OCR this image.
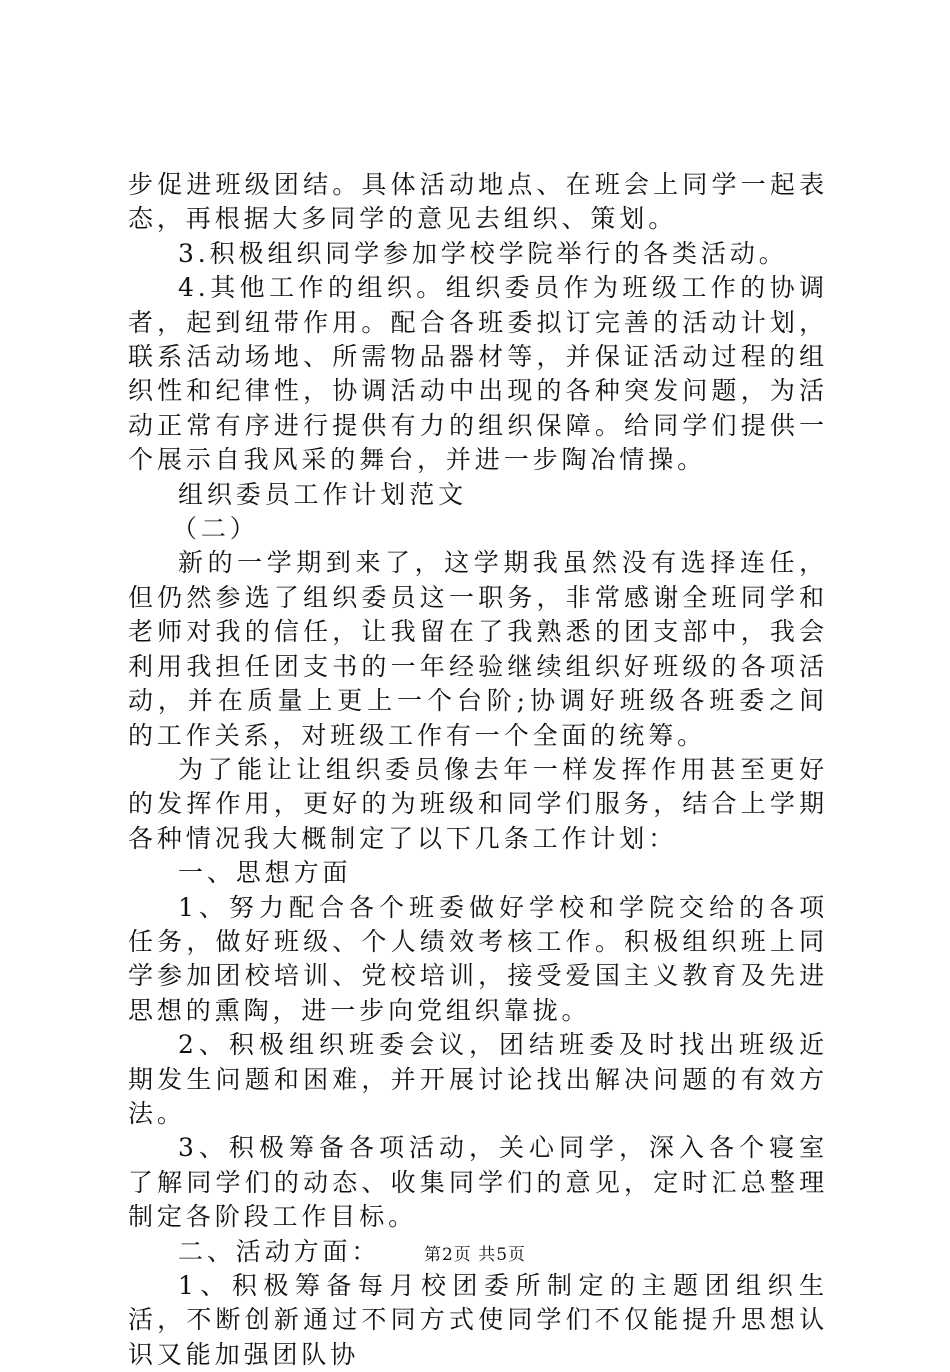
步促进班级团结。具体活动地点、在班会上同学一起表态，再根据大多同学的意见去组织、策划。

3.积极组织同学参加学校学院举行的各类活动。

4.其他工作的组织。组织委员作为班级工作的协调者，起到纽带作用。配合各班委拟订完善的活动计划，联系活动场地、所需物品器材等，并保证活动过程的组织性和纪律性，协调活动中出现的各种突发问题，为活动正常有序进行提供有力的组织保障。给同学们提供一个展示自我风采的舞台，并进一步陶冶情操。

组织委员工作计划范文

（二）

新的一学期到来了，这学期我虽然没有选择连任，但仍然参选了组织委员这一职务，非常感谢全班同学和老师对我的信任，让我留在了我熟悉的团支部中，我会利用我担任团支书的一年经验继续组织好班级的各项活动，并在质量上更上一个台阶;协调好班级各班委之间的工作关系，对班级工作有一个全面的统筹。

为了能让让组织委员像去年一样发挥作用甚至更好的发挥作用，更好的为班级和同学们服务，结合上学期各种情况我大概制定了以下几条工作计划：

一、思想方面

1、努力配合各个班委做好学校和学院交给的各项任务，做好班级、个人绩效考核工作。积极组织班上同学参加团校培训、党校培训，接受爱国主义教育及先进思想的熏陶，进一步向党组织靠拢。

2、积极组织班委会议，团结班委及时找出班级近期发生问题和困难，并开展讨论找出解决问题的有效方法。

3、积极筹备各项活动，关心同学，深入各个寝室了解同学们的动态、收集同学们的意见，定时汇总整理制定各阶段工作目标。

二、活动方面：

1、积极筹备每月校团委所制定的主题团组织生活，不断创新通过不同方式使同学们不仅能提升思想认识又能加强团队协

第2页 共5页
